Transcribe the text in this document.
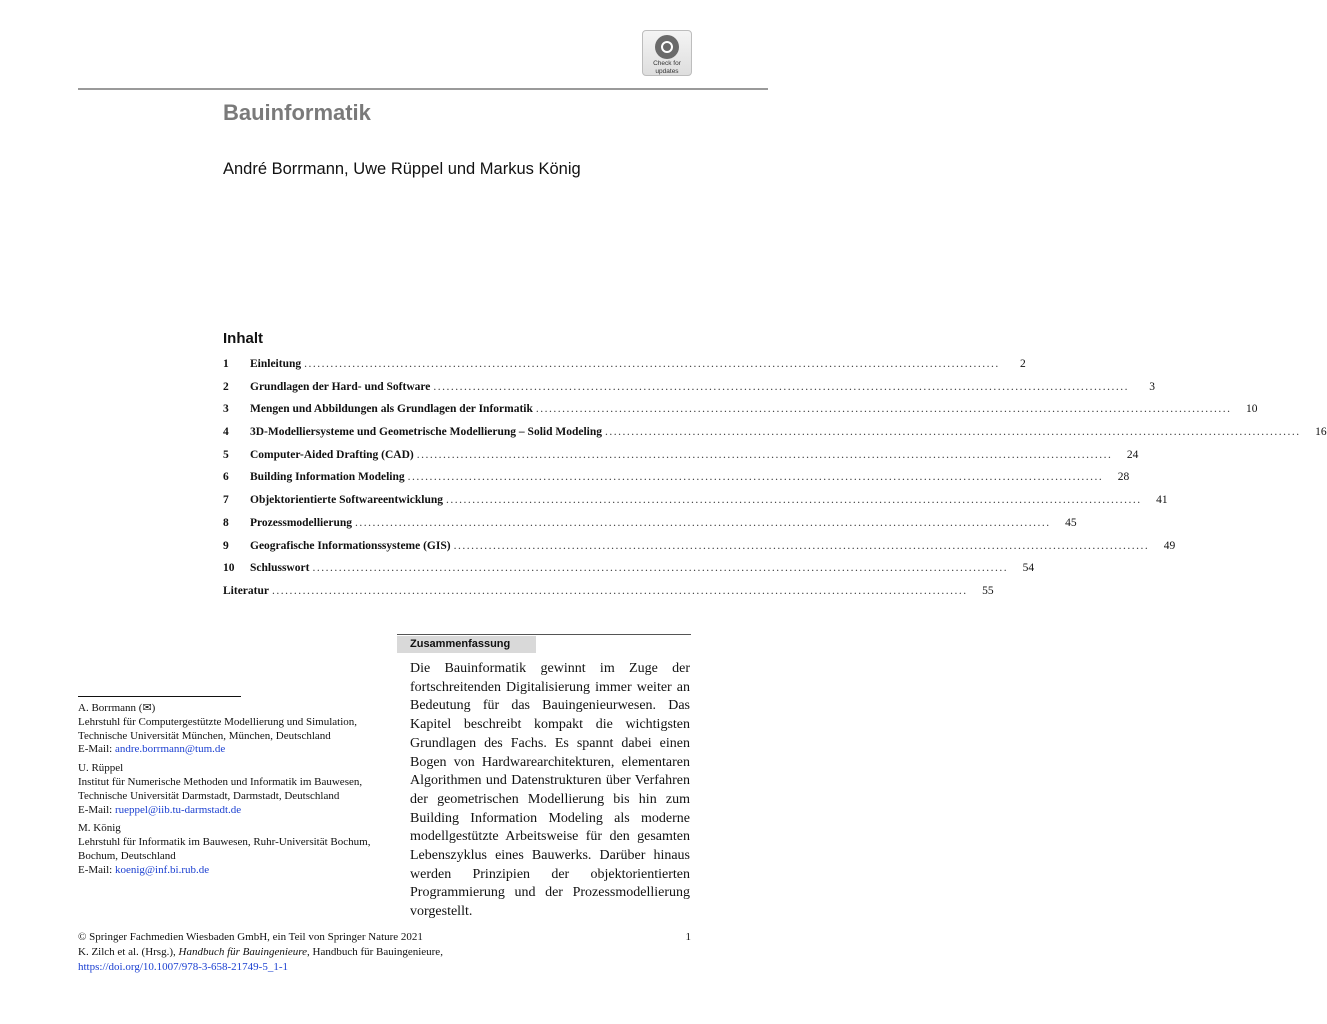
Check for
updates
Bauinformatik
André Borrmann, Uwe Rüppel und Markus König
Inhalt
1	Einleitung ...............................................................................................................................................................	2
2	Grundlagen der Hard- und Software ...............................................................................................................................................................	3
3	Mengen und Abbildungen als Grundlagen der Informatik ...............................................................................................................................................................	10
4	3D-Modelliersysteme und Geometrische Modellierung – Solid Modeling ...............................................................................................................................................................	16
5	Computer-Aided Drafting (CAD) ...............................................................................................................................................................	24
6	Building Information Modeling ...............................................................................................................................................................	28
7	Objektorientierte Softwareentwicklung ...............................................................................................................................................................	41
8	Prozessmodellierung ...............................................................................................................................................................	45
9	Geografische Informationssysteme (GIS) ...............................................................................................................................................................	49
10	Schlusswort ...............................................................................................................................................................	54
Literatur ...............................................................................................................................................................	55
Zusammenfassung
Die Bauinformatik gewinnt im Zuge der fortschreitenden Digitalisierung immer weiter an Bedeutung für das Bauingenieurwesen. Das Kapitel beschreibt kompakt die wichtigsten Grundlagen des Fachs. Es spannt dabei einen Bogen von Hardwarearchitekturen, elementaren Algorithmen und Datenstrukturen über Verfahren der geometrischen Modellierung bis hin zum Building Information Modeling als moderne modellgestützte Arbeitsweise für den gesamten Lebenszyklus eines Bauwerks. Darüber hinaus werden Prinzipien der objektorientierten Programmierung und der Prozessmodellierung vorgestellt.
A. Borrmann (✉)
Lehrstuhl für Computergestützte Modellierung und Simulation, Technische Universität München, München, Deutschland
E-Mail: andre.borrmann@tum.de
U. Rüppel
Institut für Numerische Methoden und Informatik im Bauwesen, Technische Universität Darmstadt, Darmstadt, Deutschland
E-Mail: rueppel@iib.tu-darmstadt.de
M. König
Lehrstuhl für Informatik im Bauwesen, Ruhr-Universität Bochum, Bochum, Deutschland
E-Mail: koenig@inf.bi.rub.de
1
© Springer Fachmedien Wiesbaden GmbH, ein Teil von Springer Nature 2021
K. Zilch et al. (Hrsg.), Handbuch für Bauingenieure, Handbuch für Bauingenieure,
https://doi.org/10.1007/978-3-658-21749-5_1-1
